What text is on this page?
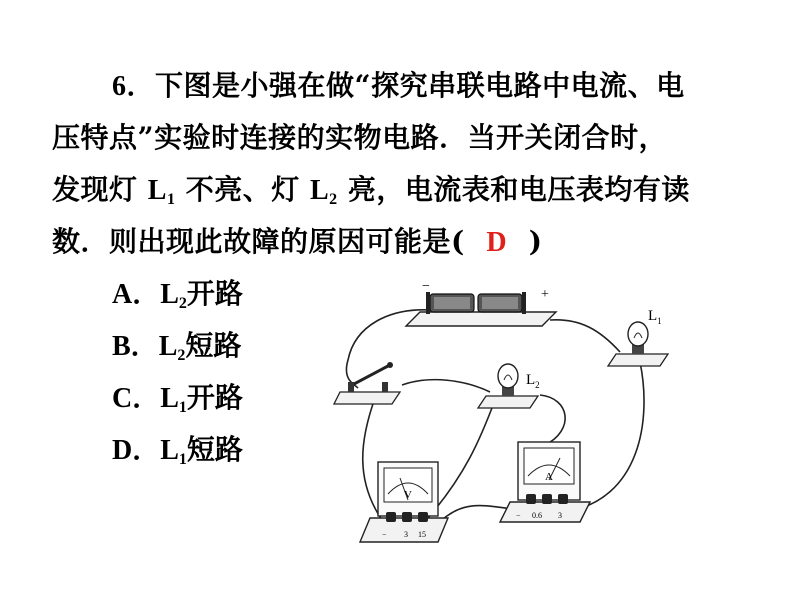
6．下图是小强在做“探究串联电路中电流、电
压特点”实验时连接的实物电路．当开关闭合时，
发现灯 $L_1$ 不亮、灯 $L_2$ 亮，电流表和电压表均有读
数．则出现此故障的原因可能是( D )
A．$L_2$开路
B．$L_2$短路
C．$L_1$开路
D．$L_1$短路
−
+
$L_1$
$L_2$
V
− 3 15
A
− 0.6 3
